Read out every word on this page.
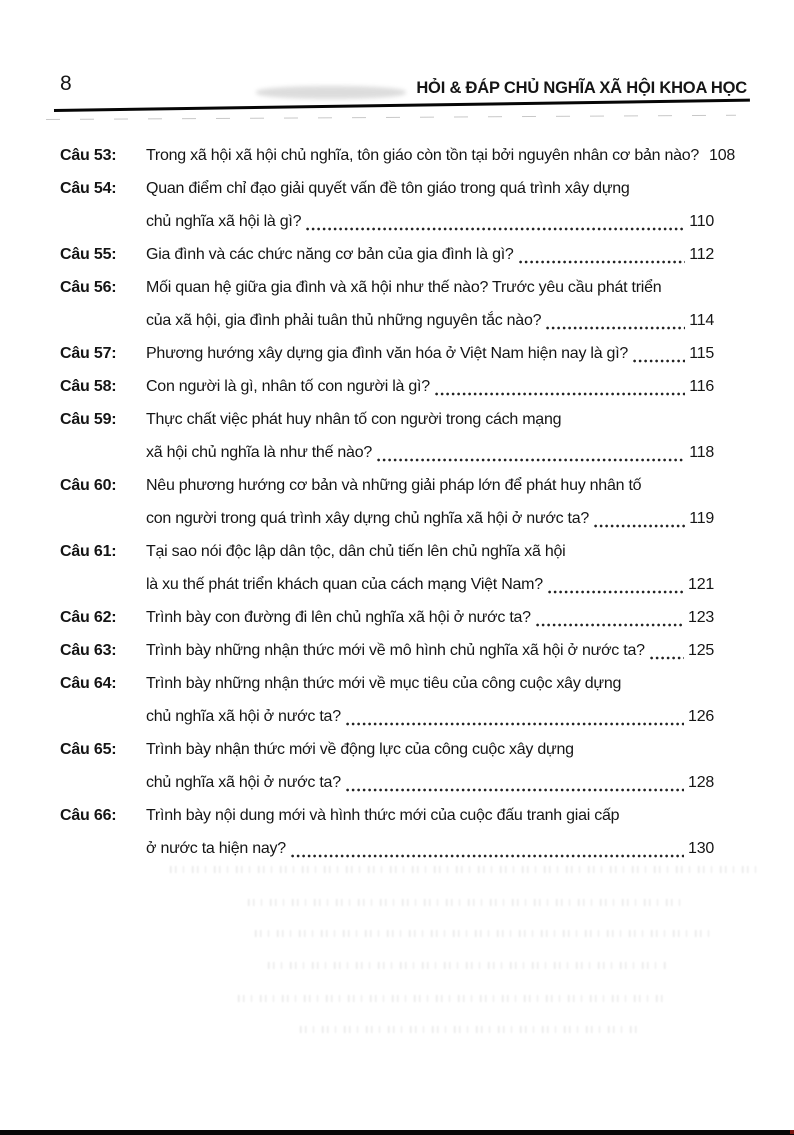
8	HỎI & ĐÁP CHỦ NGHĨA XÃ HỘI KHOA HỌC
Câu 53:	Trong xã hội xã hội chủ nghĩa, tôn giáo còn tồn tại bởi nguyên nhân cơ bản nào? 108
Câu 54:	Quan điểm chỉ đạo giải quyết vấn đề tôn giáo trong quá trình xây dựng
chủ nghĩa xã hội là gì?	110
Câu 55:	Gia đình và các chức năng cơ bản của gia đình là gì?	112
Câu 56:	Mối quan hệ giữa gia đình và xã hội như thế nào? Trước yêu cầu phát triển
của xã hội, gia đình phải tuân thủ những nguyên tắc nào?	114
Câu 57:	Phương hướng xây dựng gia đình văn hóa ở Việt Nam hiện nay là gì?	115
Câu 58:	Con người là gì, nhân tố con người là gì?	116
Câu 59:	Thực chất việc phát huy nhân tố con người trong cách mạng
xã hội chủ nghĩa là như thế nào?	118
Câu 60:	Nêu phương hướng cơ bản và những giải pháp lớn để phát huy nhân tố
con người trong quá trình xây dựng chủ nghĩa xã hội ở nước ta?	119
Câu 61:	Tại sao nói độc lập dân tộc, dân chủ tiến lên chủ nghĩa xã hội
là xu thế phát triển khách quan của cách mạng Việt Nam?	121
Câu 62:	Trình bày con đường đi lên chủ nghĩa xã hội ở nước ta?	123
Câu 63:	Trình bày những nhận thức mới về mô hình chủ nghĩa xã hội ở nước ta?	125
Câu 64:	Trình bày những nhận thức mới về mục tiêu của công cuộc xây dựng
chủ nghĩa xã hội ở nước ta?	126
Câu 65:	Trình bày nhận thức mới về động lực của công cuộc xây dựng
chủ nghĩa xã hội ở nước ta?	128
Câu 66:	Trình bày nội dung mới và hình thức mới của cuộc đấu tranh giai cấp
ở nước ta hiện nay?	130
